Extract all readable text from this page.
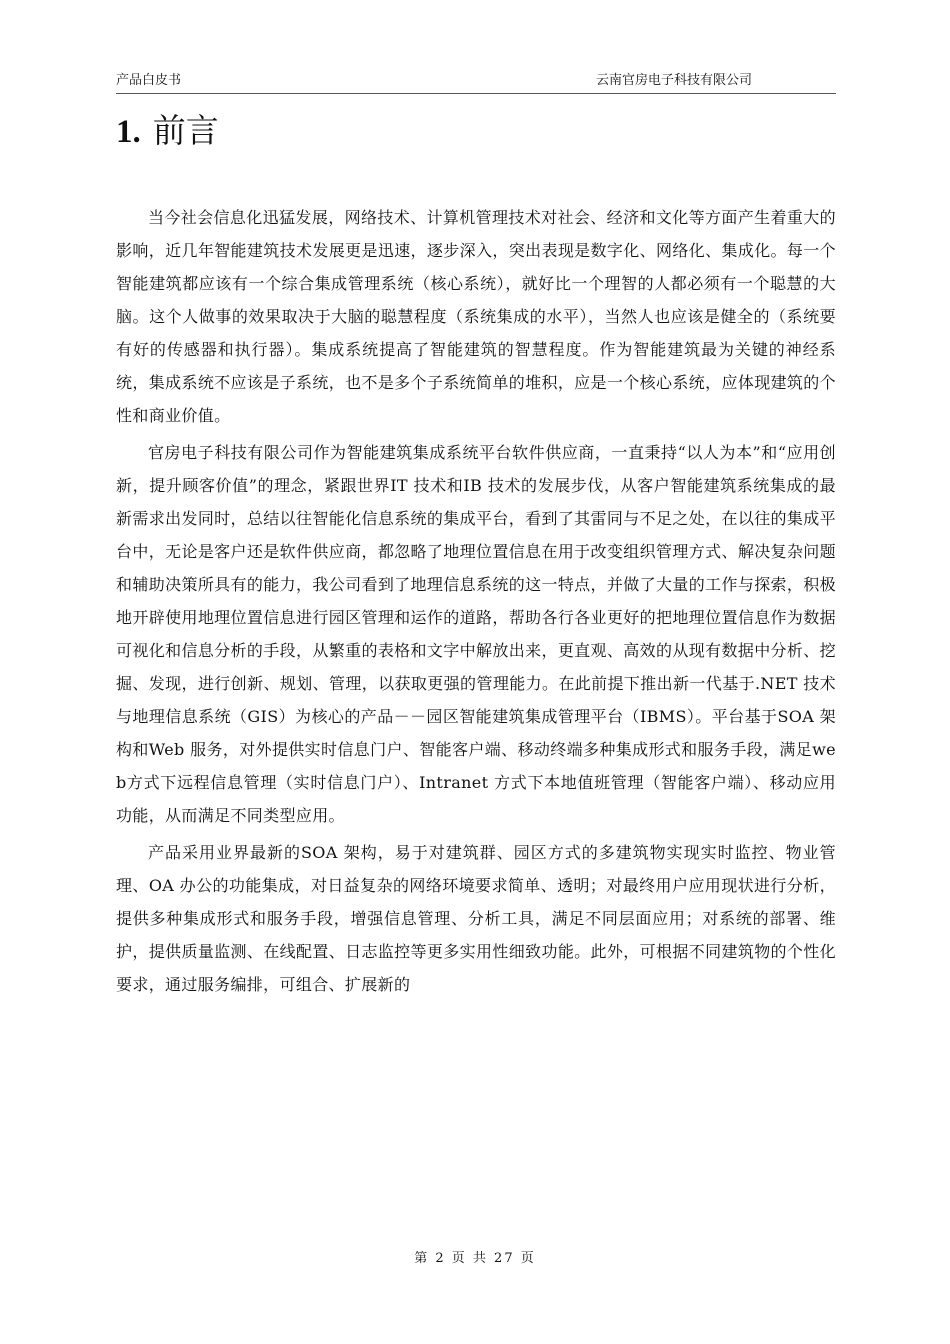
产品白皮书	云南官房电子科技有限公司
1. 前言

当今社会信息化迅猛发展，网络技术、计算机管理技术对社会、经济和文化等方面产生着重大的影响，近几年智能建筑技术发展更是迅速，逐步深入，突出表现是数字化、网络化、集成化。每一个智能建筑都应该有一个综合集成管理系统（核心系统），就好比一个理智的人都必须有一个聪慧的大脑。这个人做事的效果取决于大脑的聪慧程度（系统集成的水平），当然人也应该是健全的（系统要有好的传感器和执行器）。集成系统提高了智能建筑的智慧程度。作为智能建筑最为关键的神经系统，集成系统不应该是子系统，也不是多个子系统简单的堆积，应是一个核心系统，应体现建筑的个性和商业价值。

官房电子科技有限公司作为智能建筑集成系统平台软件供应商，一直秉持“以人为本”和“应用创新，提升顾客价值”的理念，紧跟世界IT 技术和IB 技术的发展步伐，从客户智能建筑系统集成的最新需求出发同时，总结以往智能化信息系统的集成平台，看到了其雷同与不足之处，在以往的集成平台中，无论是客户还是软件供应商，都忽略了地理位置信息在用于改变组织管理方式、解决复杂问题和辅助决策所具有的能力，我公司看到了地理信息系统的这一特点，并做了大量的工作与探索，积极地开辟使用地理位置信息进行园区管理和运作的道路，帮助各行各业更好的把地理位置信息作为数据可视化和信息分析的手段，从繁重的表格和文字中解放出来，更直观、高效的从现有数据中分析、挖掘、发现，进行创新、规划、管理，以获取更强的管理能力。在此前提下推出新一代基于.NET 技术与地理信息系统（GIS）为核心的产品－－园区智能建筑集成管理平台（IBMS）。平台基于SOA 架构和Web 服务，对外提供实时信息门户、智能客户端、移动终端多种集成形式和服务手段，满足web方式下远程信息管理（实时信息门户）、Intranet 方式下本地值班管理（智能客户端）、移动应用功能，从而满足不同类型应用。

产品采用业界最新的SOA 架构，易于对建筑群、园区方式的多建筑物实现实时监控、物业管理、OA 办公的功能集成，对日益复杂的网络环境要求简单、透明；对最终用户应用现状进行分析，提供多种集成形式和服务手段，增强信息管理、分析工具，满足不同层面应用；对系统的部署、维护，提供质量监测、在线配置、日志监控等更多实用性细致功能。此外，可根据不同建筑物的个性化要求，通过服务编排，可组合、扩展新的

第 2 页 共 27 页
